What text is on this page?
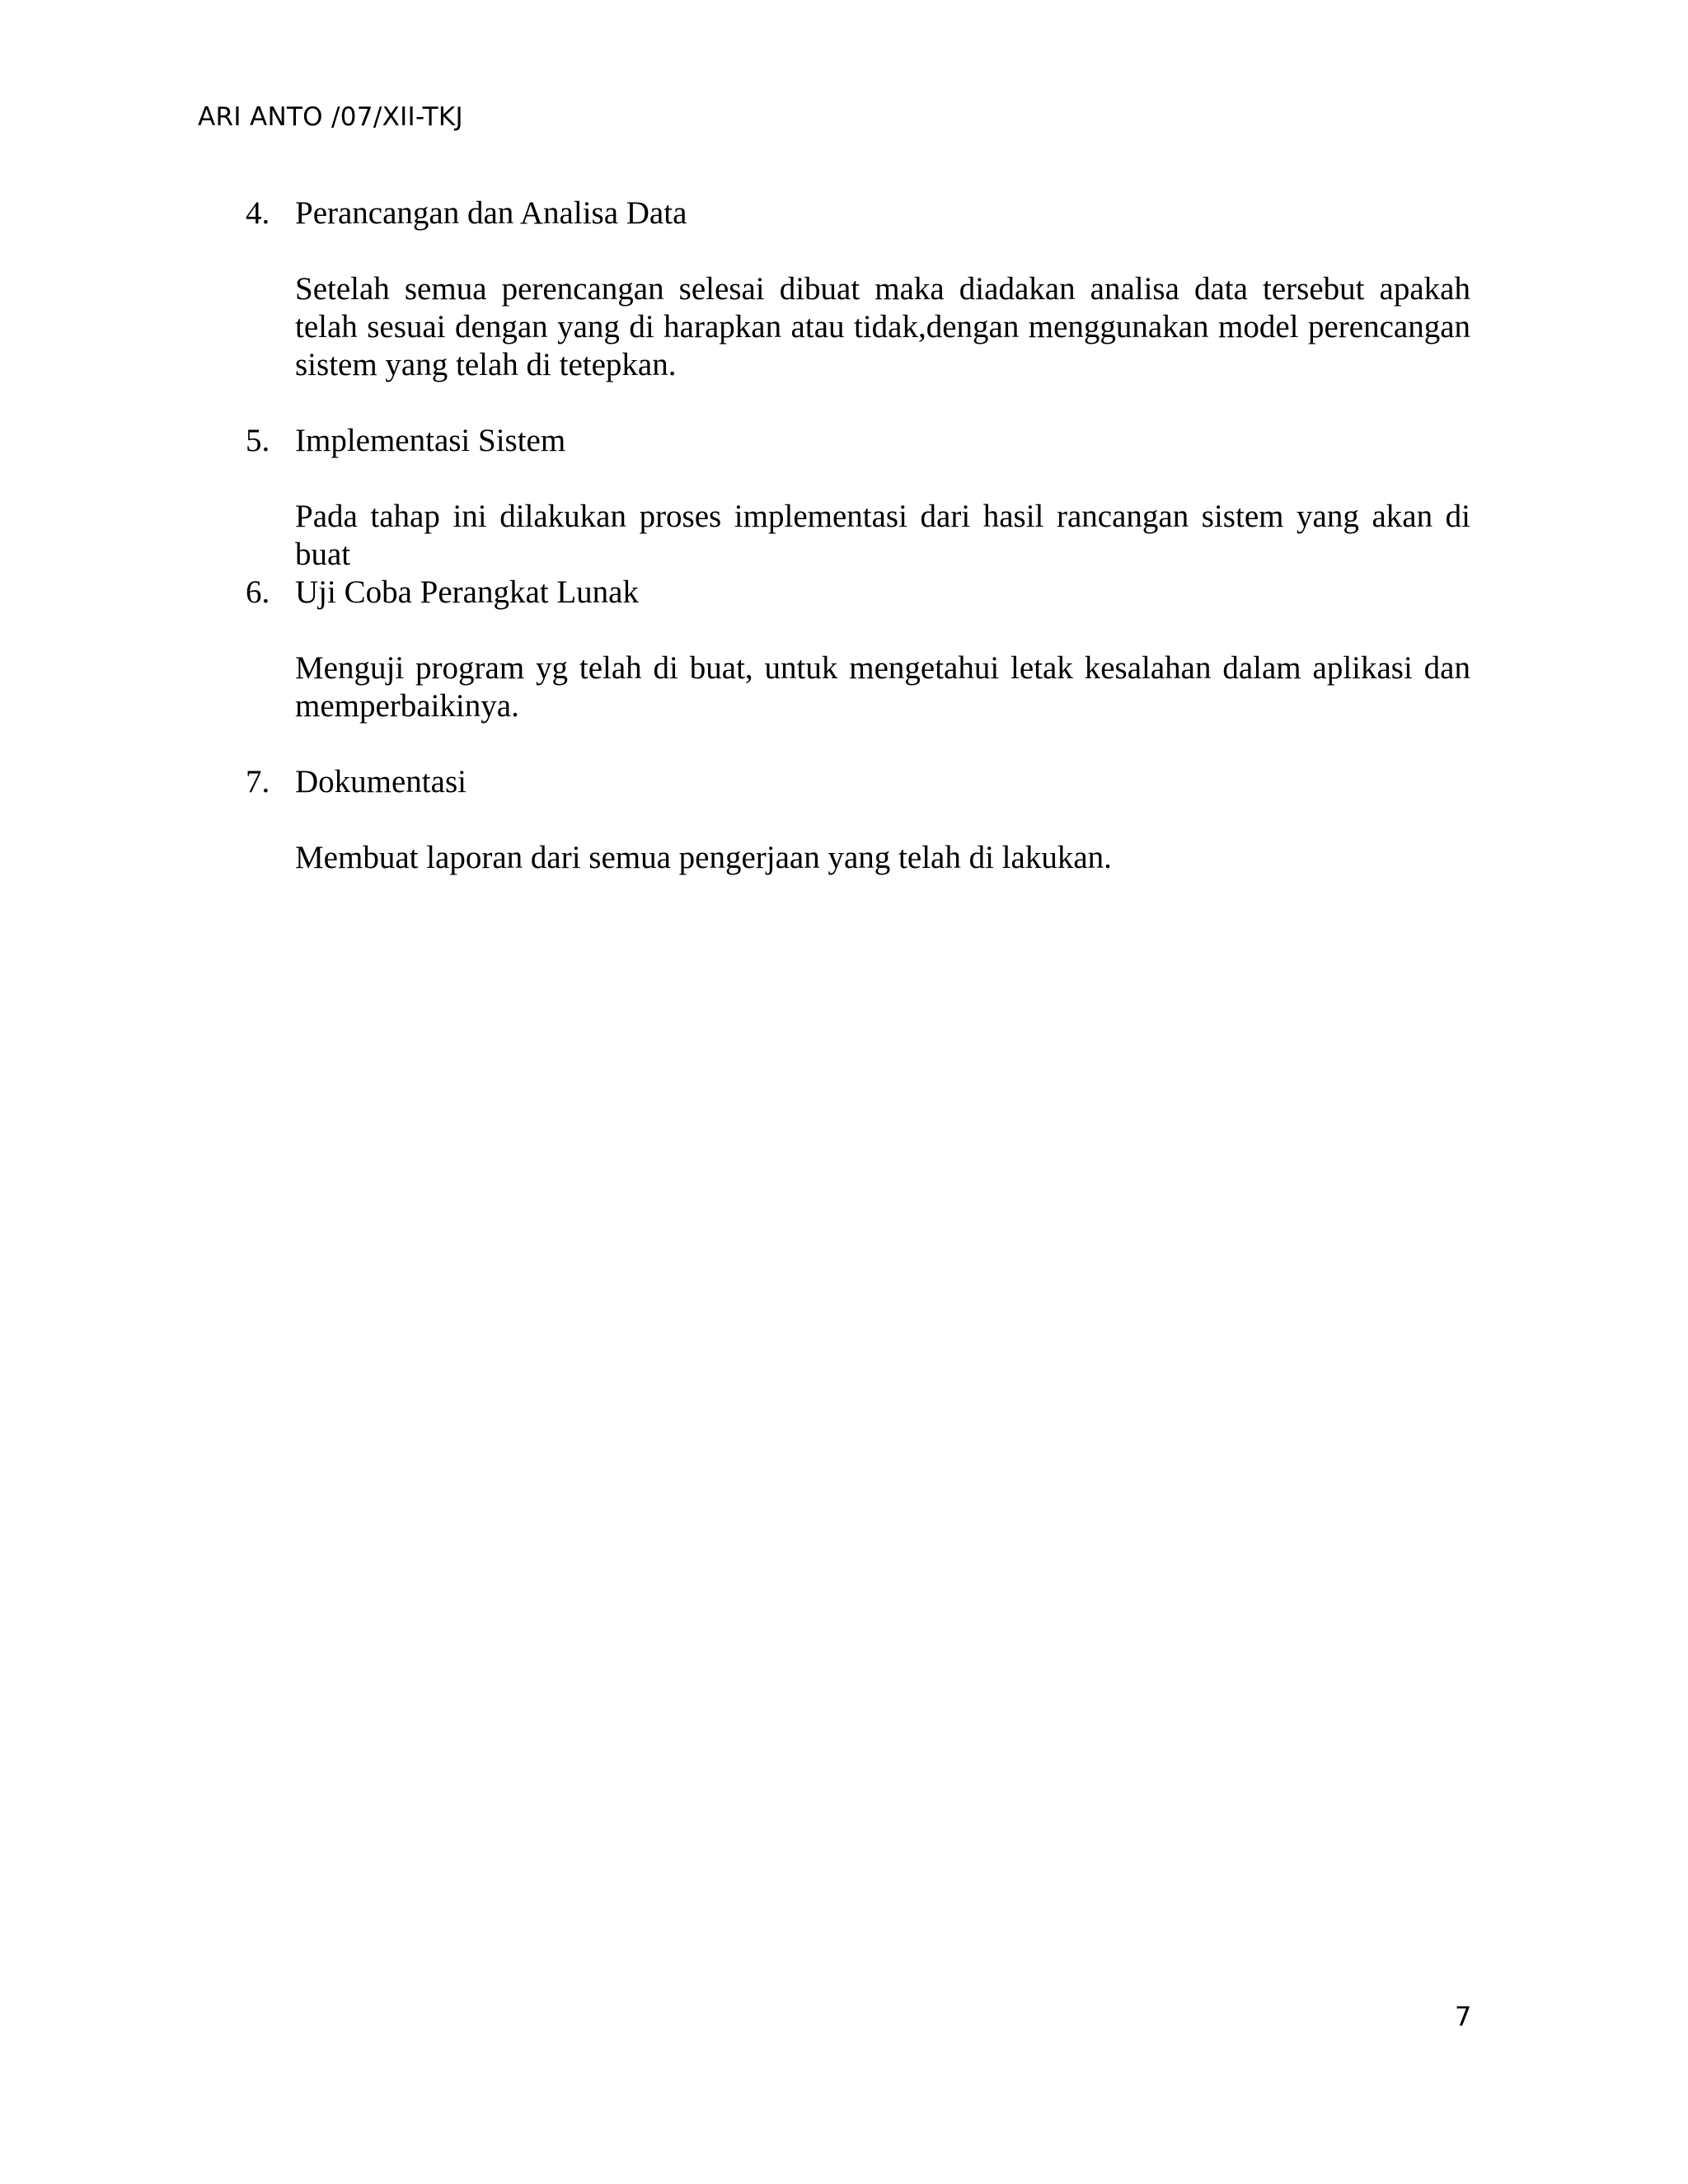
ARI ANTO /07/XII-TKJ
4. Perancangan dan Analisa Data
Setelah semua perencangan selesai dibuat maka diadakan analisa data tersebut apakah telah sesuai dengan yang di harapkan atau tidak,dengan menggunakan model perencangan sistem yang telah di tetepkan.
5. Implementasi Sistem
Pada tahap ini dilakukan proses implementasi dari hasil rancangan sistem yang akan di buat
6. Uji Coba Perangkat Lunak
Menguji program yg telah di buat, untuk mengetahui letak kesalahan dalam aplikasi dan memperbaikinya.
7. Dokumentasi
Membuat laporan dari semua pengerjaan yang telah di lakukan.
7
